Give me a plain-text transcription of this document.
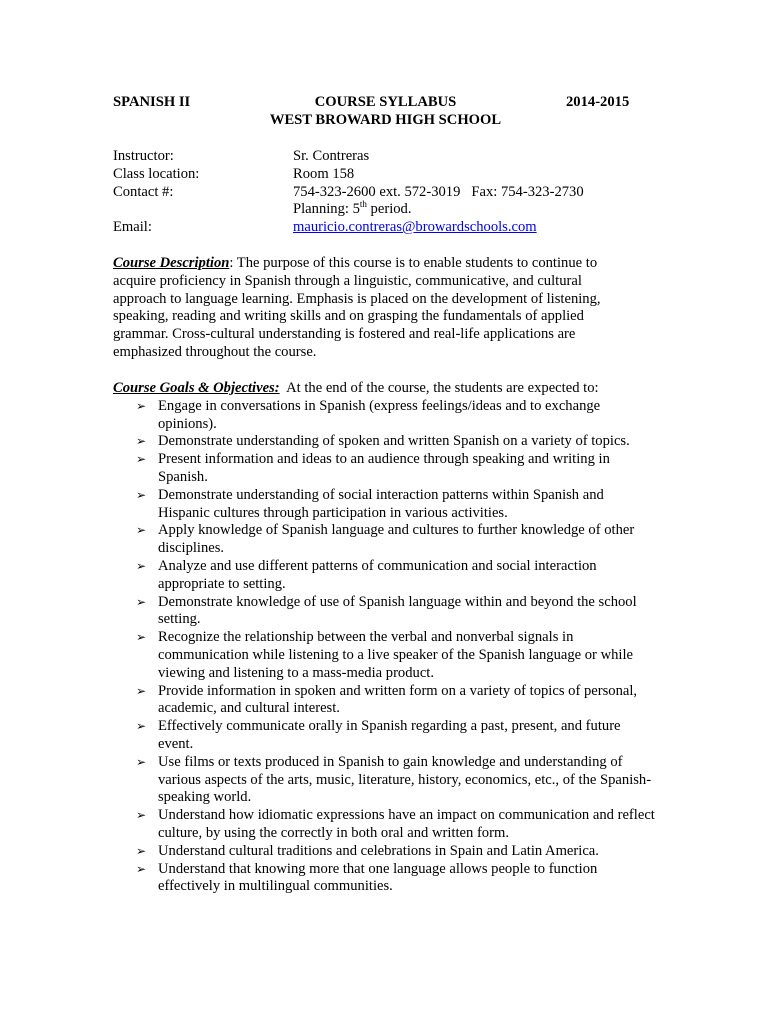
SPANISH II	COURSE SYLLABUS
WEST BROWARD HIGH SCHOOL
2014-2015
Instructor:	Sr. Contreras
Class location:	Room 158
Contact #:	754-323-2600 ext. 572-3019   Fax: 754-323-2730
Planning: 5th period.
Email:	mauricio.contreras@browardschools.com

Course Description: The purpose of this course is to enable students to continue to acquire proficiency in Spanish through a linguistic, communicative, and cultural approach to language learning. Emphasis is placed on the development of listening, speaking, reading and writing skills and on grasping the fundamentals of applied grammar. Cross-cultural understanding is fostered and real-life applications are emphasized throughout the course.

Course Goals & Objectives:  At the end of the course, the students are expected to:

➢ Engage in conversations in Spanish (express feelings/ideas and to exchange opinions).
➢ Demonstrate understanding of spoken and written Spanish on a variety of topics.
➢ Present information and ideas to an audience through speaking and writing in Spanish.
➢ Demonstrate understanding of social interaction patterns within Spanish and Hispanic cultures through participation in various activities.
➢ Apply knowledge of Spanish language and cultures to further knowledge of other disciplines.
➢ Analyze and use different patterns of communication and social interaction appropriate to setting.
➢ Demonstrate knowledge of use of Spanish language within and beyond the school setting.
➢ Recognize the relationship between the verbal and nonverbal signals in communication while listening to a live speaker of the Spanish language or while viewing and listening to a mass-media product.
➢ Provide information in spoken and written form on a variety of topics of personal, academic, and cultural interest.
➢ Effectively communicate orally in Spanish regarding a past, present, and future event.
➢ Use films or texts produced in Spanish to gain knowledge and understanding of various aspects of the arts, music, literature, history, economics, etc., of the Spanish-speaking world.
➢ Understand how idiomatic expressions have an impact on communication and reflect culture, by using the correctly in both oral and written form.
➢ Understand cultural traditions and celebrations in Spain and Latin America.
➢ Understand that knowing more that one language allows people to function effectively in multilingual communities.
